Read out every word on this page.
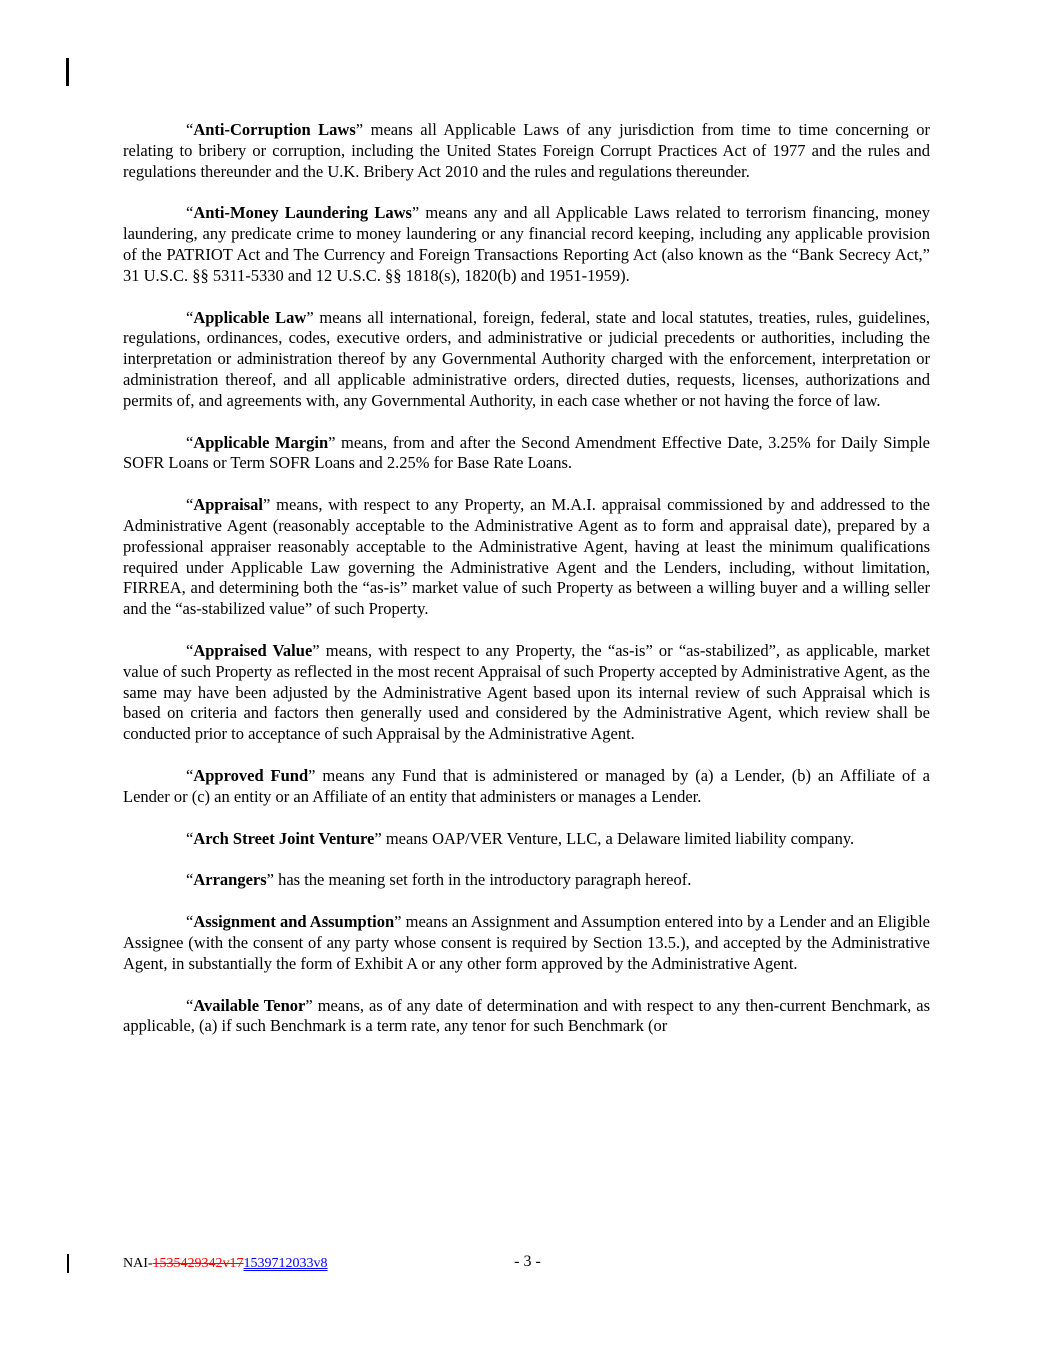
“Anti-Corruption Laws” means all Applicable Laws of any jurisdiction from time to time concerning or relating to bribery or corruption, including the United States Foreign Corrupt Practices Act of 1977 and the rules and regulations thereunder and the U.K. Bribery Act 2010 and the rules and regulations thereunder.

“Anti-Money Laundering Laws” means any and all Applicable Laws related to terrorism financing, money laundering, any predicate crime to money laundering or any financial record keeping, including any applicable provision of the PATRIOT Act and The Currency and Foreign Transactions Reporting Act (also known as the “Bank Secrecy Act,” 31 U.S.C. §§ 5311-5330 and 12 U.S.C. §§ 1818(s), 1820(b) and 1951-1959).

“Applicable Law” means all international, foreign, federal, state and local statutes, treaties, rules, guidelines, regulations, ordinances, codes, executive orders, and administrative or judicial precedents or authorities, including the interpretation or administration thereof by any Governmental Authority charged with the enforcement, interpretation or administration thereof, and all applicable administrative orders, directed duties, requests, licenses, authorizations and permits of, and agreements with, any Governmental Authority, in each case whether or not having the force of law.

“Applicable Margin” means, from and after the Second Amendment Effective Date, 3.25% for Daily Simple SOFR Loans or Term SOFR Loans and 2.25% for Base Rate Loans.

“Appraisal” means, with respect to any Property, an M.A.I. appraisal commissioned by and addressed to the Administrative Agent (reasonably acceptable to the Administrative Agent as to form and appraisal date), prepared by a professional appraiser reasonably acceptable to the Administrative Agent, having at least the minimum qualifications required under Applicable Law governing the Administrative Agent and the Lenders, including, without limitation, FIRREA, and determining both the “as-is” market value of such Property as between a willing buyer and a willing seller and the “as-stabilized value” of such Property.

“Appraised Value” means, with respect to any Property, the “as-is” or “as-stabilized”, as applicable, market value of such Property as reflected in the most recent Appraisal of such Property accepted by Administrative Agent, as the same may have been adjusted by the Administrative Agent based upon its internal review of such Appraisal which is based on criteria and factors then generally used and considered by the Administrative Agent, which review shall be conducted prior to acceptance of such Appraisal by the Administrative Agent.

“Approved Fund” means any Fund that is administered or managed by (a) a Lender, (b) an Affiliate of a Lender or (c) an entity or an Affiliate of an entity that administers or manages a Lender.

“Arch Street Joint Venture” means OAP/VER Venture, LLC, a Delaware limited liability company.

“Arrangers” has the meaning set forth in the introductory paragraph hereof.

“Assignment and Assumption” means an Assignment and Assumption entered into by a Lender and an Eligible Assignee (with the consent of any party whose consent is required by Section 13.5.), and accepted by the Administrative Agent, in substantially the form of Exhibit A or any other form approved by the Administrative Agent.

“Available Tenor” means, as of any date of determination and with respect to any then-current Benchmark, as applicable, (a) if such Benchmark is a term rate, any tenor for such Benchmark (or

NAI-1535429342v171539712033v8	- 3 -
